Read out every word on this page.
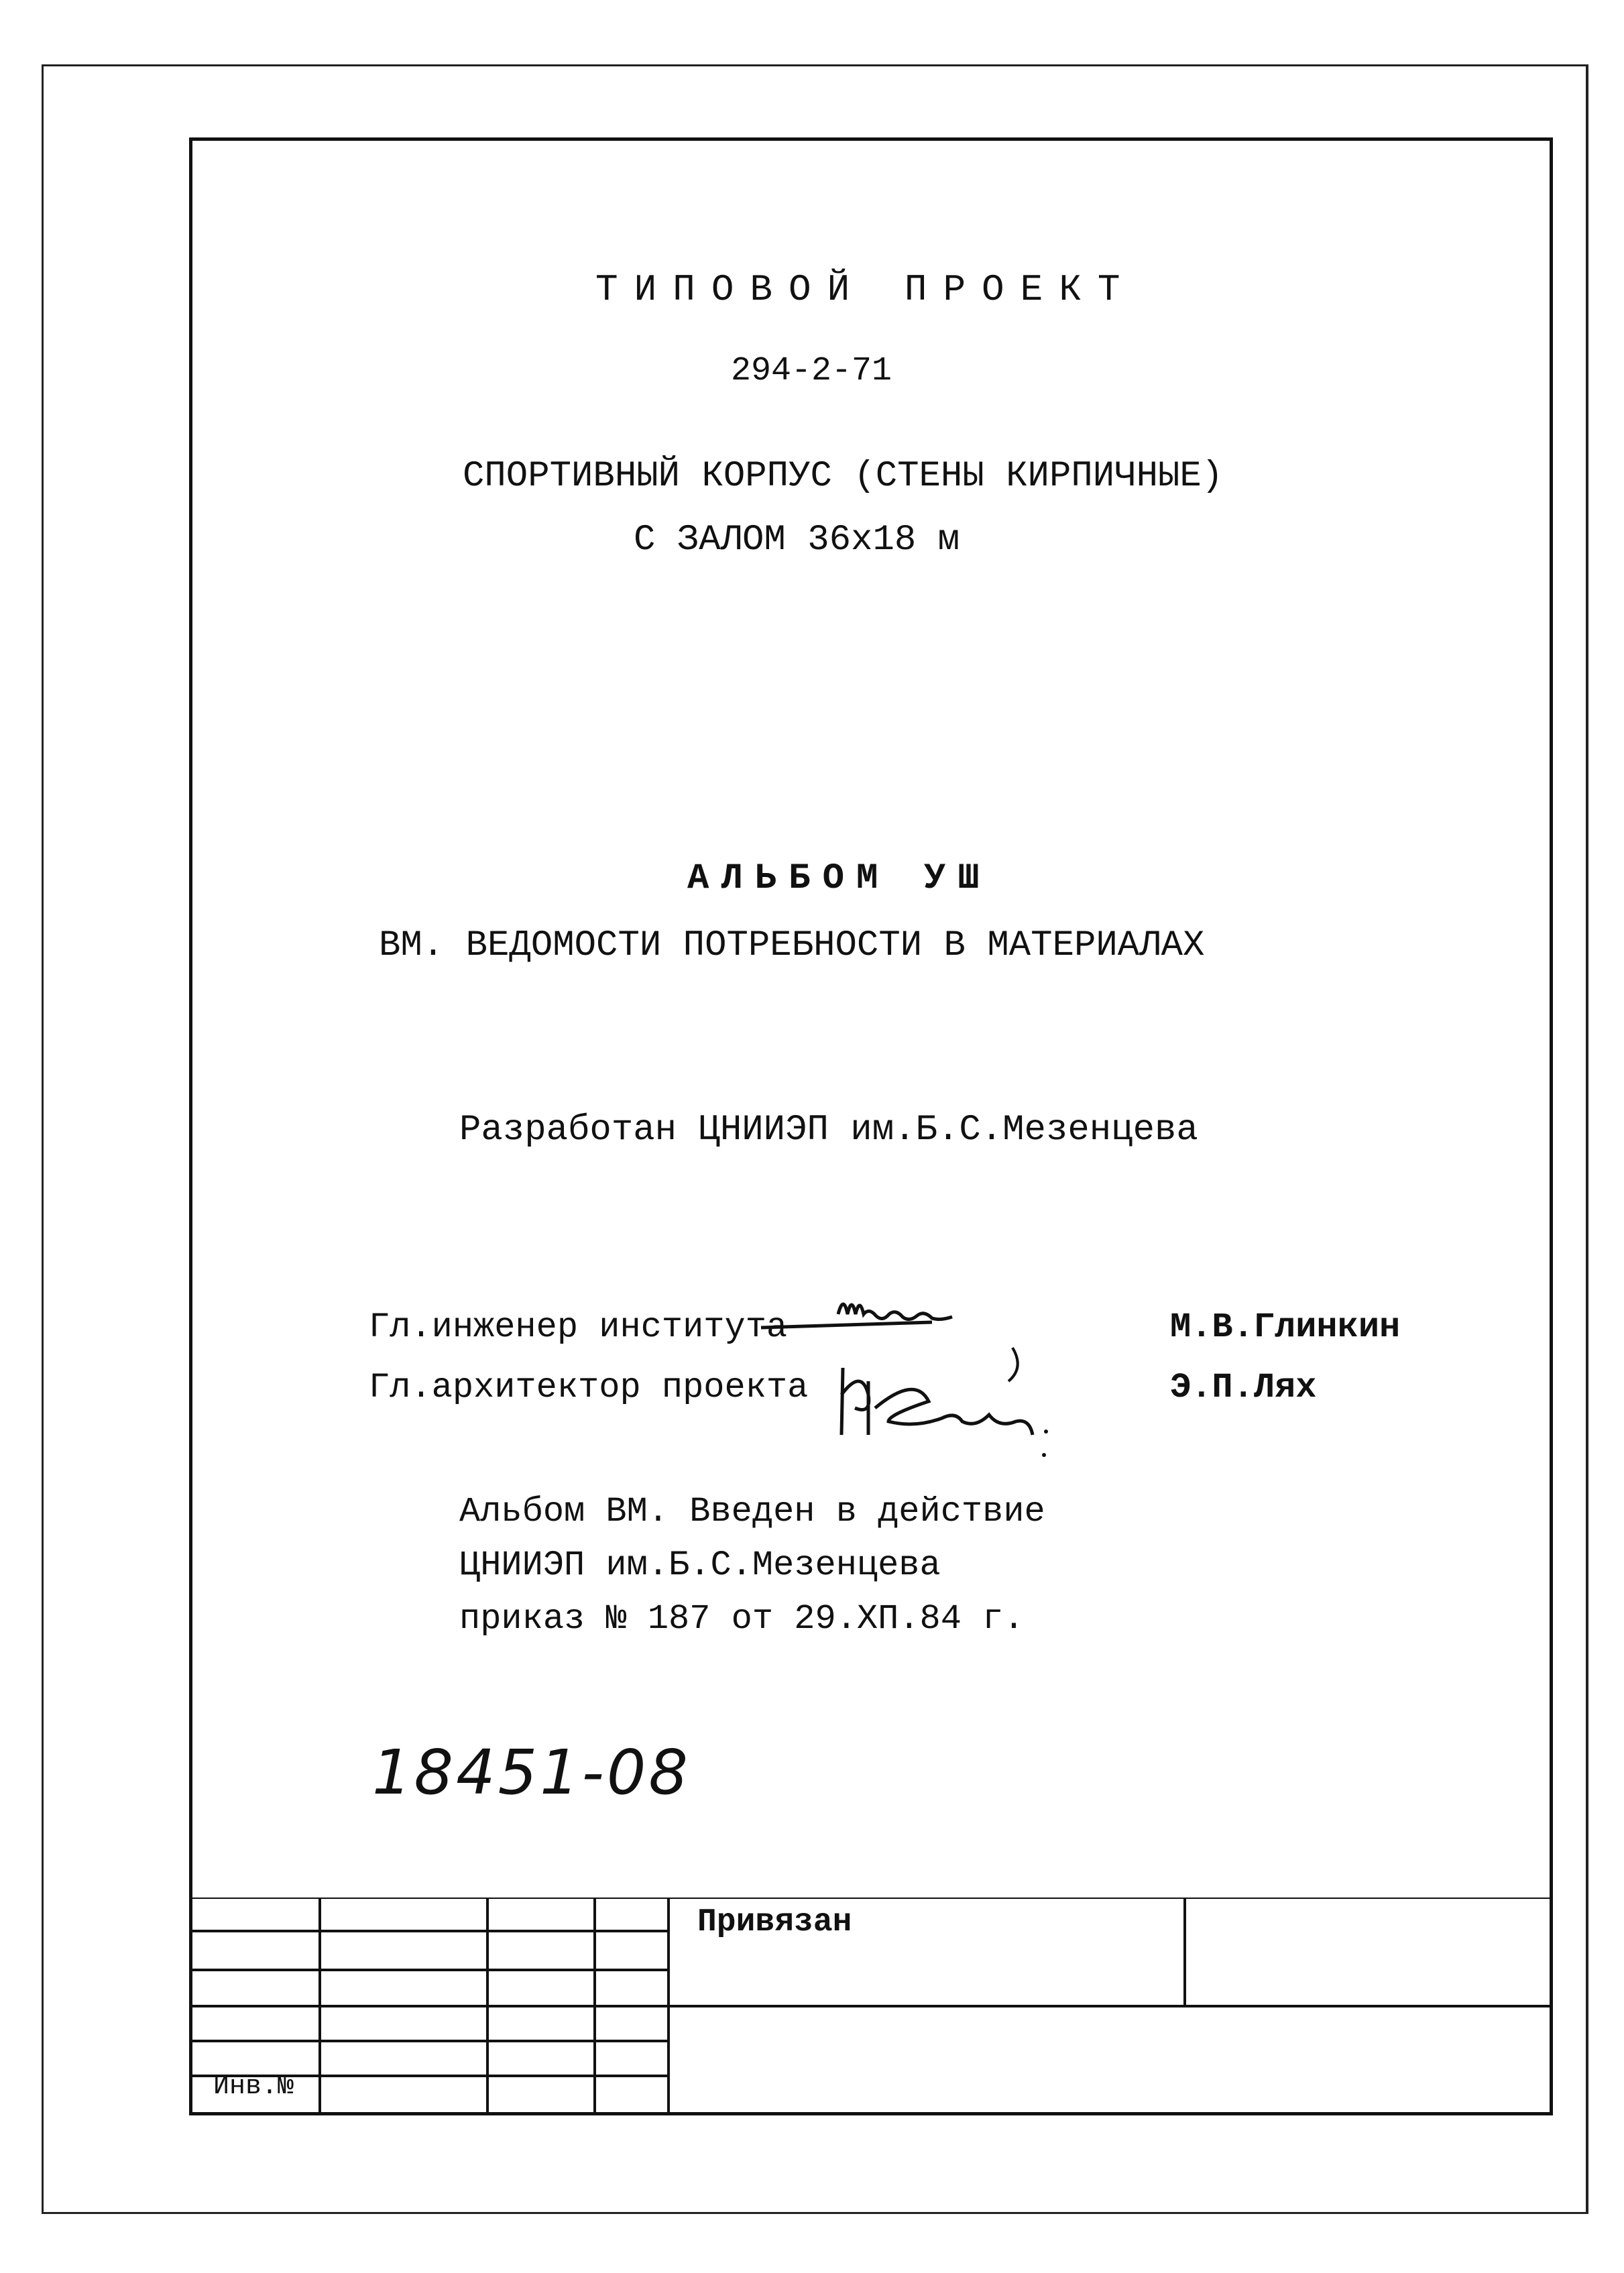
ТИПОВОЙ ПРОЕКТ
294-2-71
СПОРТИВНЫЙ КОРПУС (СТЕНЫ КИРПИЧНЫЕ)
С ЗАЛОМ 36х18 м
АЛЬБОМ УШ
ВМ. ВЕДОМОСТИ ПОТРЕБНОСТИ В МАТЕРИАЛАХ
Разработан ЦНИИЭП им.Б.С.Мезенцева
Гл.инженер института	М.В.Глинкин
Гл.архитектор проекта	Э.П.Лях
Альбом ВМ. Введен в действие
ЦНИИЭП им.Б.С.Мезенцева
приказ № 187 от 29.XП.84 г.
18451-08
Привязан
Инв.№
